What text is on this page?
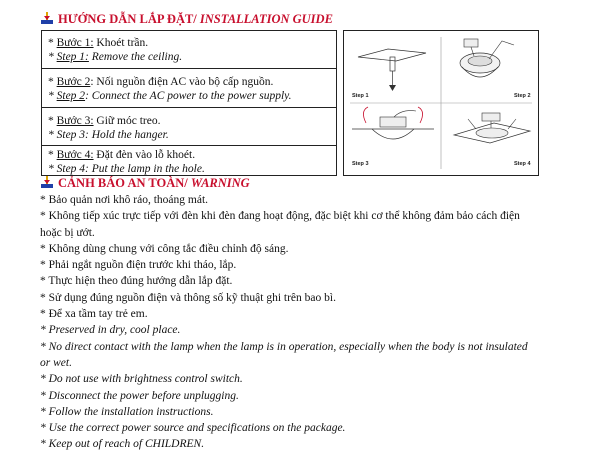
HƯỚNG DẪN LẮP ĐẶT/ INSTALLATION GUIDE
* Bước 1: Khoét trần.
* Step 1: Remove the ceiling.
* Bước 2: Nối nguồn điện AC vào bộ cấp nguồn.
* Step 2: Connect the AC power to the power supply.
* Bước 3: Giữ móc treo.
* Step 3: Hold the hanger.
* Bước 4: Đặt đèn vào lỗ khoét.
* Step 4: Put the lamp in the hole.
Step 1	Step 2
Step 3	Step 4
CẢNH BÁO AN TOÀN/ WARNING
* Bảo quản nơi khô ráo, thoáng mát.
* Không tiếp xúc trực tiếp với đèn khi đèn đang hoạt động, đặc biệt khi cơ thể không đảm bảo cách điện
hoặc bị ướt.
* Không dùng chung với công tắc điều chỉnh độ sáng.
* Phải ngắt nguồn điện trước khi tháo, lắp.
* Thực hiện theo đúng hướng dẫn lắp đặt.
* Sử dụng đúng nguồn điện và thông số kỹ thuật ghi trên bao bì.
* Để xa tầm tay trẻ em.
* Preserved in dry, cool place.
* No direct contact with the lamp when the lamp is in operation, especially when the body is not insulated
or wet.
* Do not use with brightness control switch.
* Disconnect the power before unplugging.
* Follow the installation instructions.
* Use the correct power source and specifications on the package.
* Keep out of reach of CHILDREN.
